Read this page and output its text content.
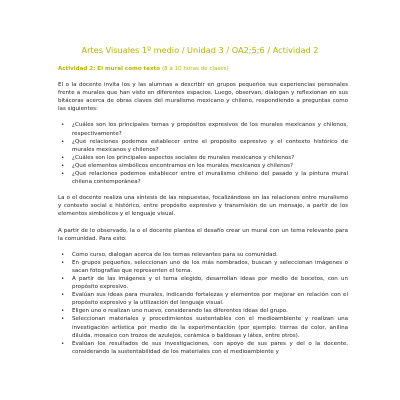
Artes Visuales 1º medio / Unidad 3 / OA2;5;6 / Actividad 2
Actividad 2: El mural como texto (8 a 10 horas de clases)

El o la docente invita los y las alumnas a describir en grupos pequeños sus experiencias personales frente a murales que han visto en diferentes espacios. Luego, observan, dialogan y reflexionan en sus bitácoras acerca de obras claves del muralismo mexicano y chileno, respondiendo a preguntas como las siguientes:

• ¿Cuáles son los principales temas y propósitos expresivos de los murales mexicanos y chilenos, respectivamente?
• ¿Qué relaciones podemos establecer entre el propósito expresivo y el contexto histórico de murales mexicanos y chilenos?
• ¿Cuáles son los principales aspectos sociales de murales mexicanos y chilenos?
• ¿Qué elementos simbólicos encontramos en los murales mexicanos y chilenos?
• ¿Qué relaciones podemos establecer entre el muralismo chileno del pasado y la pintura mural chilena contemporánea?

La o el docente realiza una síntesis de las respuestas, focalizándose en las relaciones entre muralismo y contexto social e histórico, entre propósito expresivo y transmisión de un mensaje, a partir de los elementos simbólicos y el lenguaje visual.

A partir de lo observado, la o el docente plantea el desafío crear un mural con un tema relevante para la comunidad. Para esto:

• Como curso, dialogan acerca de los temas relevantes para su comunidad.
• En grupos pequeños, seleccionan uno de los más nombrados, buscan y seleccionan imágenes o sacan fotografías que representen el tema.
• A partir de las imágenes y el tema elegido, desarrollan ideas por medio de bocetos, con un propósito expresivo.
• Evalúan sus ideas para murales, indicando fortalezas y elementos por mejorar en relación con el propósito expresivo y la utilización del lenguaje visual.
• Eligen uno o realizan uno nuevo, considerando las diferentes ideas del grupo.
• Seleccionan materiales y procedimientos sustentables con el medioambiente y realizan una investigación artística por medio de la experimentación (por ejemplo: tierras de color, anilina diluida, mosaico con trozos de azulejos, cerámica o baldosas y látex, entre otros).
• Evalúan los resultados de sus investigaciones, con apoyo de sus pares y del o la docente, considerando la sustentabilidad de los materiales con el medioambiente y
